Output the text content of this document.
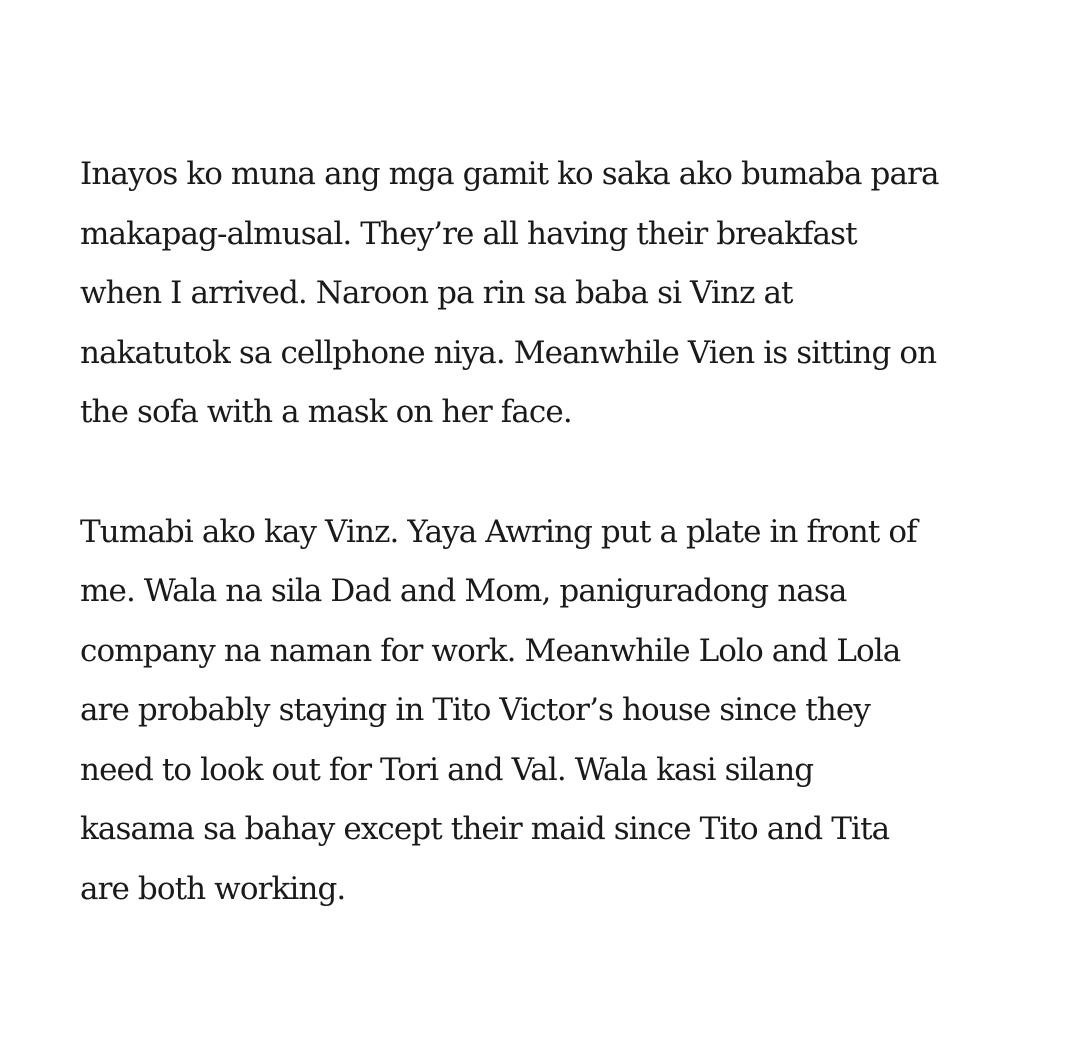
Inayos ko muna ang mga gamit ko saka ako bumaba para
makapag-almusal. They’re all having their breakfast
when I arrived. Naroon pa rin sa baba si Vinz at
nakatutok sa cellphone niya. Meanwhile Vien is sitting on
the sofa with a mask on her face.

Tumabi ako kay Vinz. Yaya Awring put a plate in front of
me. Wala na sila Dad and Mom, paniguradong nasa
company na naman for work. Meanwhile Lolo and Lola
are probably staying in Tito Victor’s house since they
need to look out for Tori and Val. Wala kasi silang
kasama sa bahay except their maid since Tito and Tita
are both working.
